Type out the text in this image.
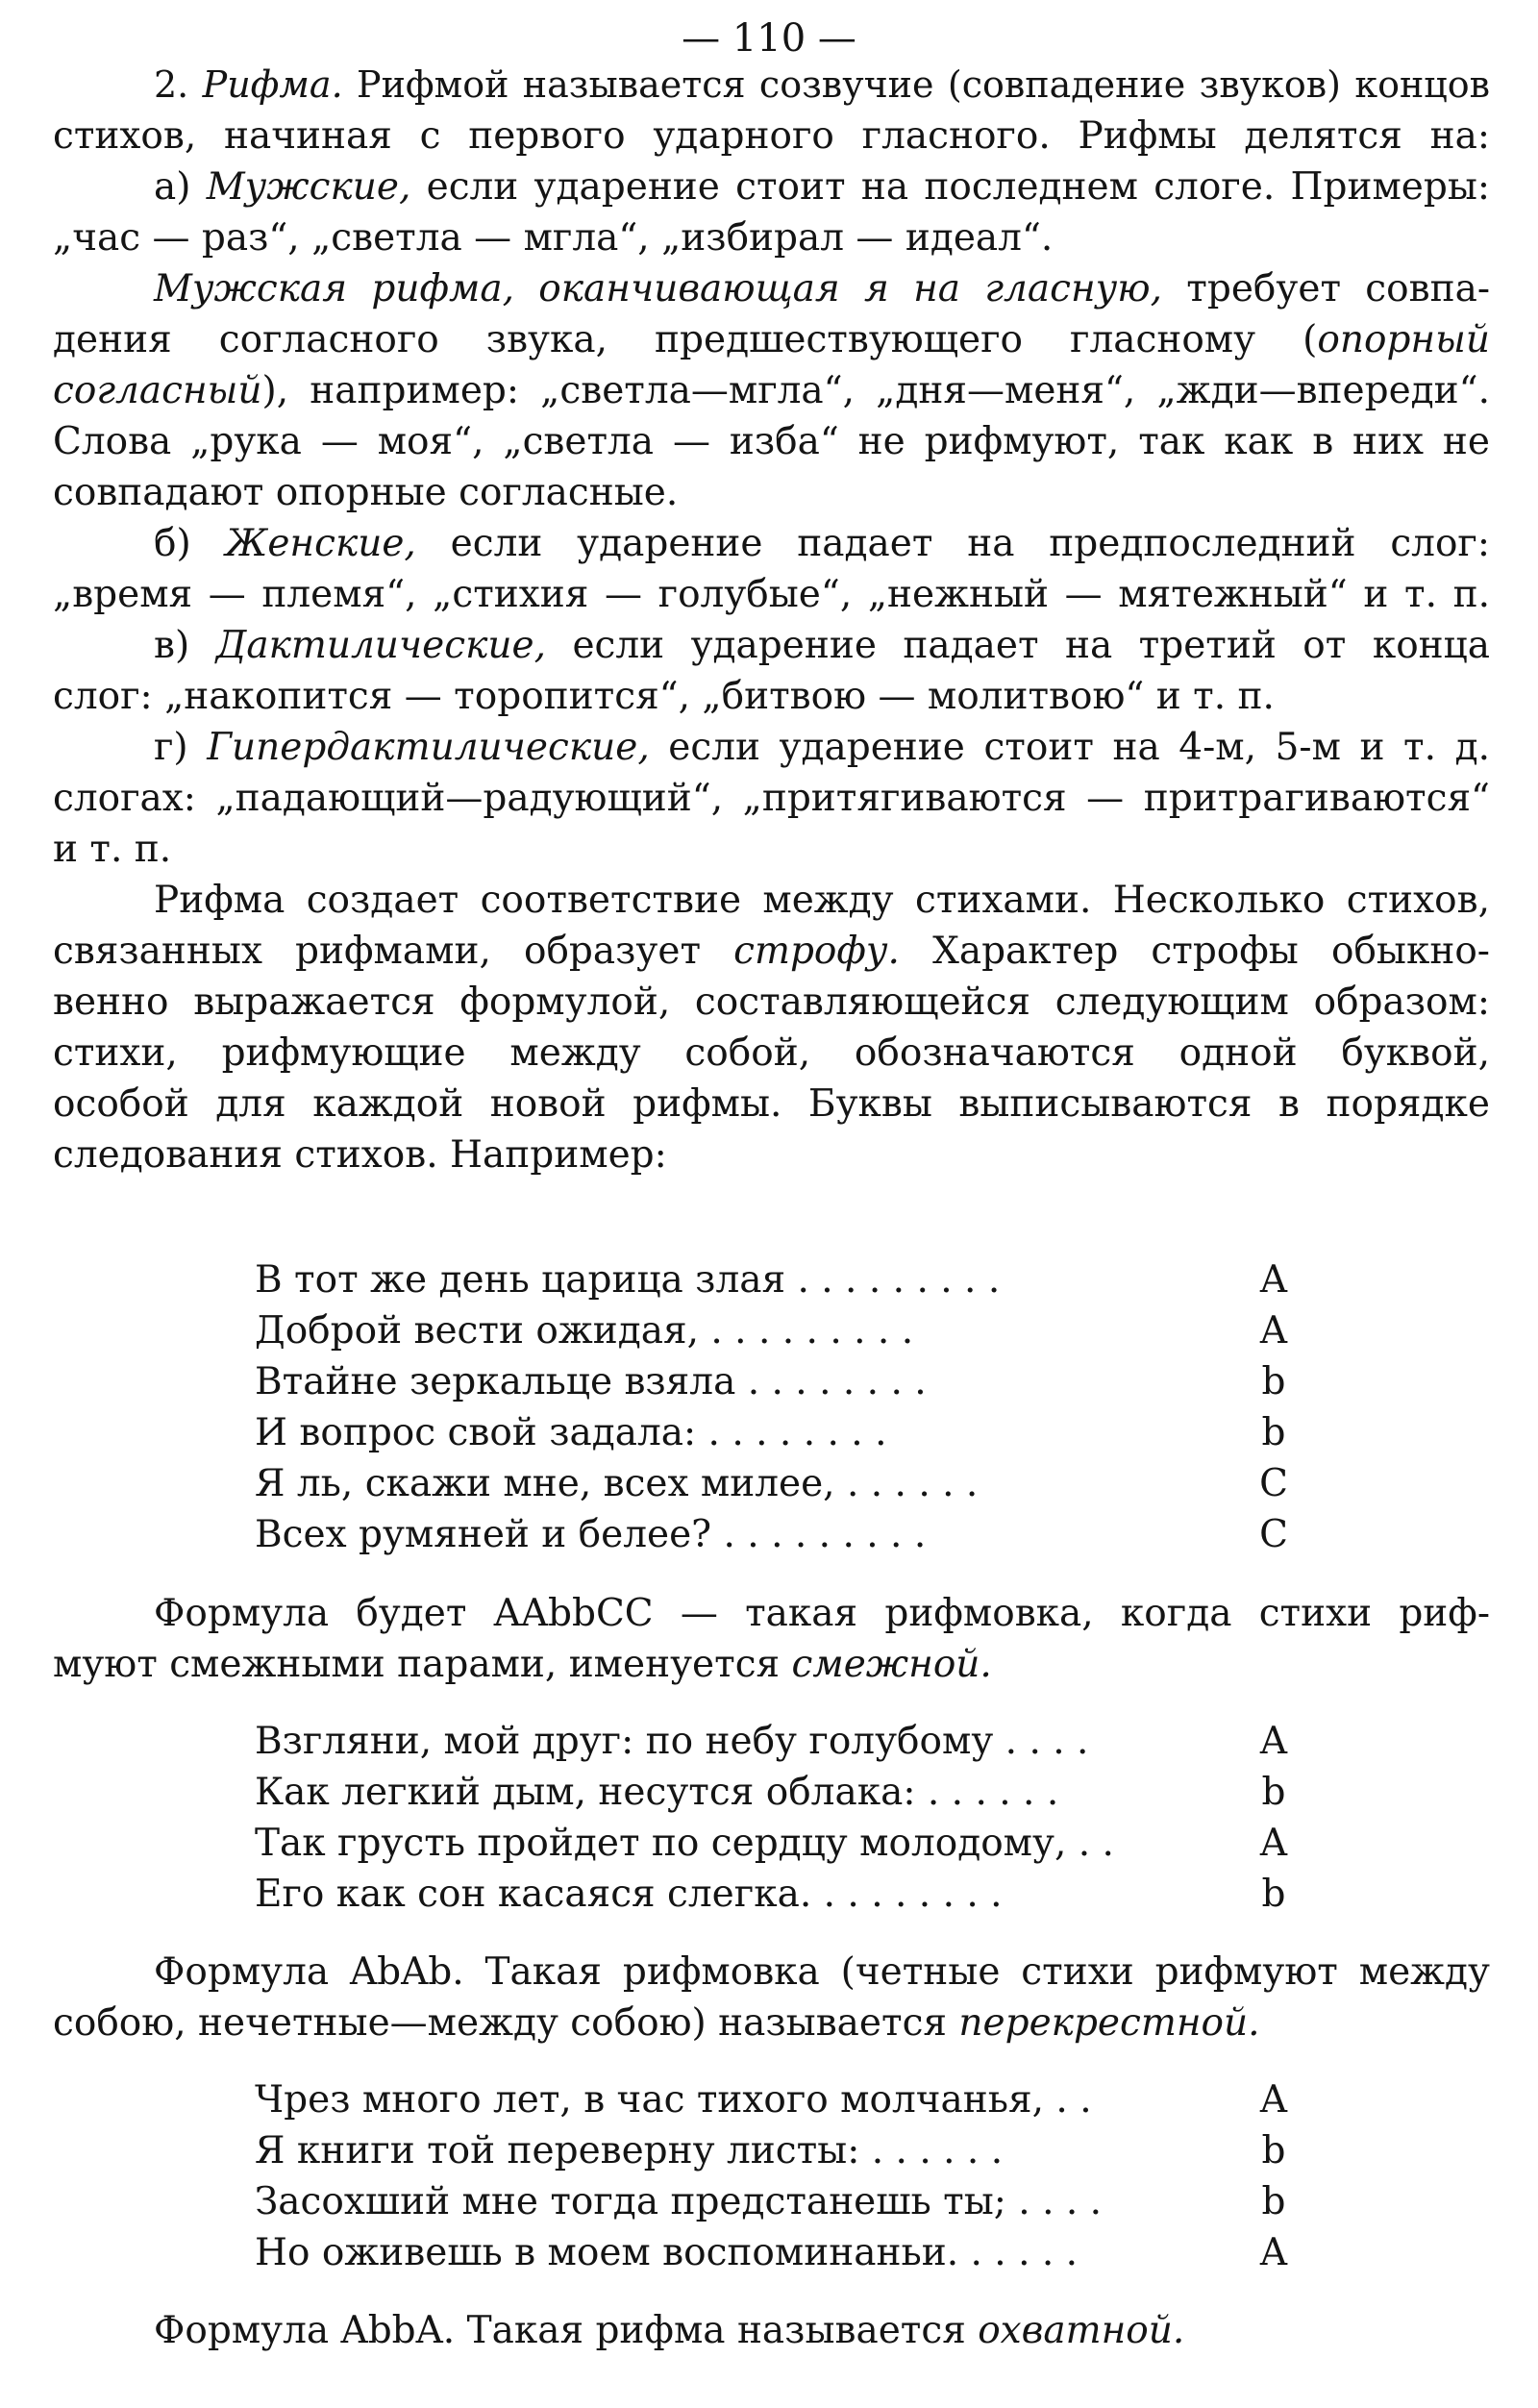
— 110 —
2. Рифма. Рифмой называется созвучие (совпадение звуков) концов
стихов, начиная с первого ударного гласного. Рифмы делятся на:
а) Мужские, если ударение стоит на последнем слоге. Примеры:
„час — раз“, „светла — мгла“, „избирал — идеал“.
Мужская рифма, оканчивающая я на гласную, требует совпа-
дения согласного звука, предшествующего гласному (опорный
согласный), например: „светла—мгла“, „дня—меня“, „жди—впереди“.
Слова „рука — моя“, „светла — изба“ не рифмуют, так как в них не
совпадают опорные согласные.
б) Женские, если ударение падает на предпоследний слог:
„время — племя“, „стихия — голубые“, „нежный — мятежный“ и т. п.
в) Дактилические, если ударение падает на третий от конца
слог: „накопится — торопится“, „битвою — молитвою“ и т. п.
г) Гипердактилические, если ударение стоит на 4-м, 5-м и т. д.
слогах: „падающий—радующий“, „притягиваются — притрагиваются“
и т. п.
Рифма создает соответствие между стихами. Несколько стихов,
связанных рифмами, образует строфу. Характер строфы обыкно-
венно выражается формулой, составляющейся следующим образом:
стихи, рифмующие между собой, обозначаются одной буквой,
особой для каждой новой рифмы. Буквы выписываются в порядке
следования стихов. Например:
В тот же день царица злая . . . . . . . . .	A
Доброй вести ожидая, . . . . . . . . .	A
Втайне зеркальце взяла . . . . . . . .	b
И вопрос свой задала: . . . . . . . .	b
Я ль, скажи мне, всех милее, . . . . . .	C
Всех румяней и белее? . . . . . . . . .	C
Формула будет AAbbCC — такая рифмовка, когда стихи риф-
муют смежными парами, именуется смежной.
Взгляни, мой друг: по небу голубому . . . .	A
Как легкий дым, несутся облака: . . . . . .	b
Так грусть пройдет по сердцу молодому, . .	A
Его как сон касаяся слегка. . . . . . . . .	b
Формула AbAb. Такая рифмовка (четные стихи рифмуют между
собою, нечетные—между собою) называется перекрестной.
Чрез много лет, в час тихого молчанья, . .	A
Я книги той переверну листы: . . . . . .	b
Засохший мне тогда предстанешь ты; . . . .	b
Но оживешь в моем воспоминаньи. . . . . .	A
Формула AbbA. Такая рифма называется охватной.
